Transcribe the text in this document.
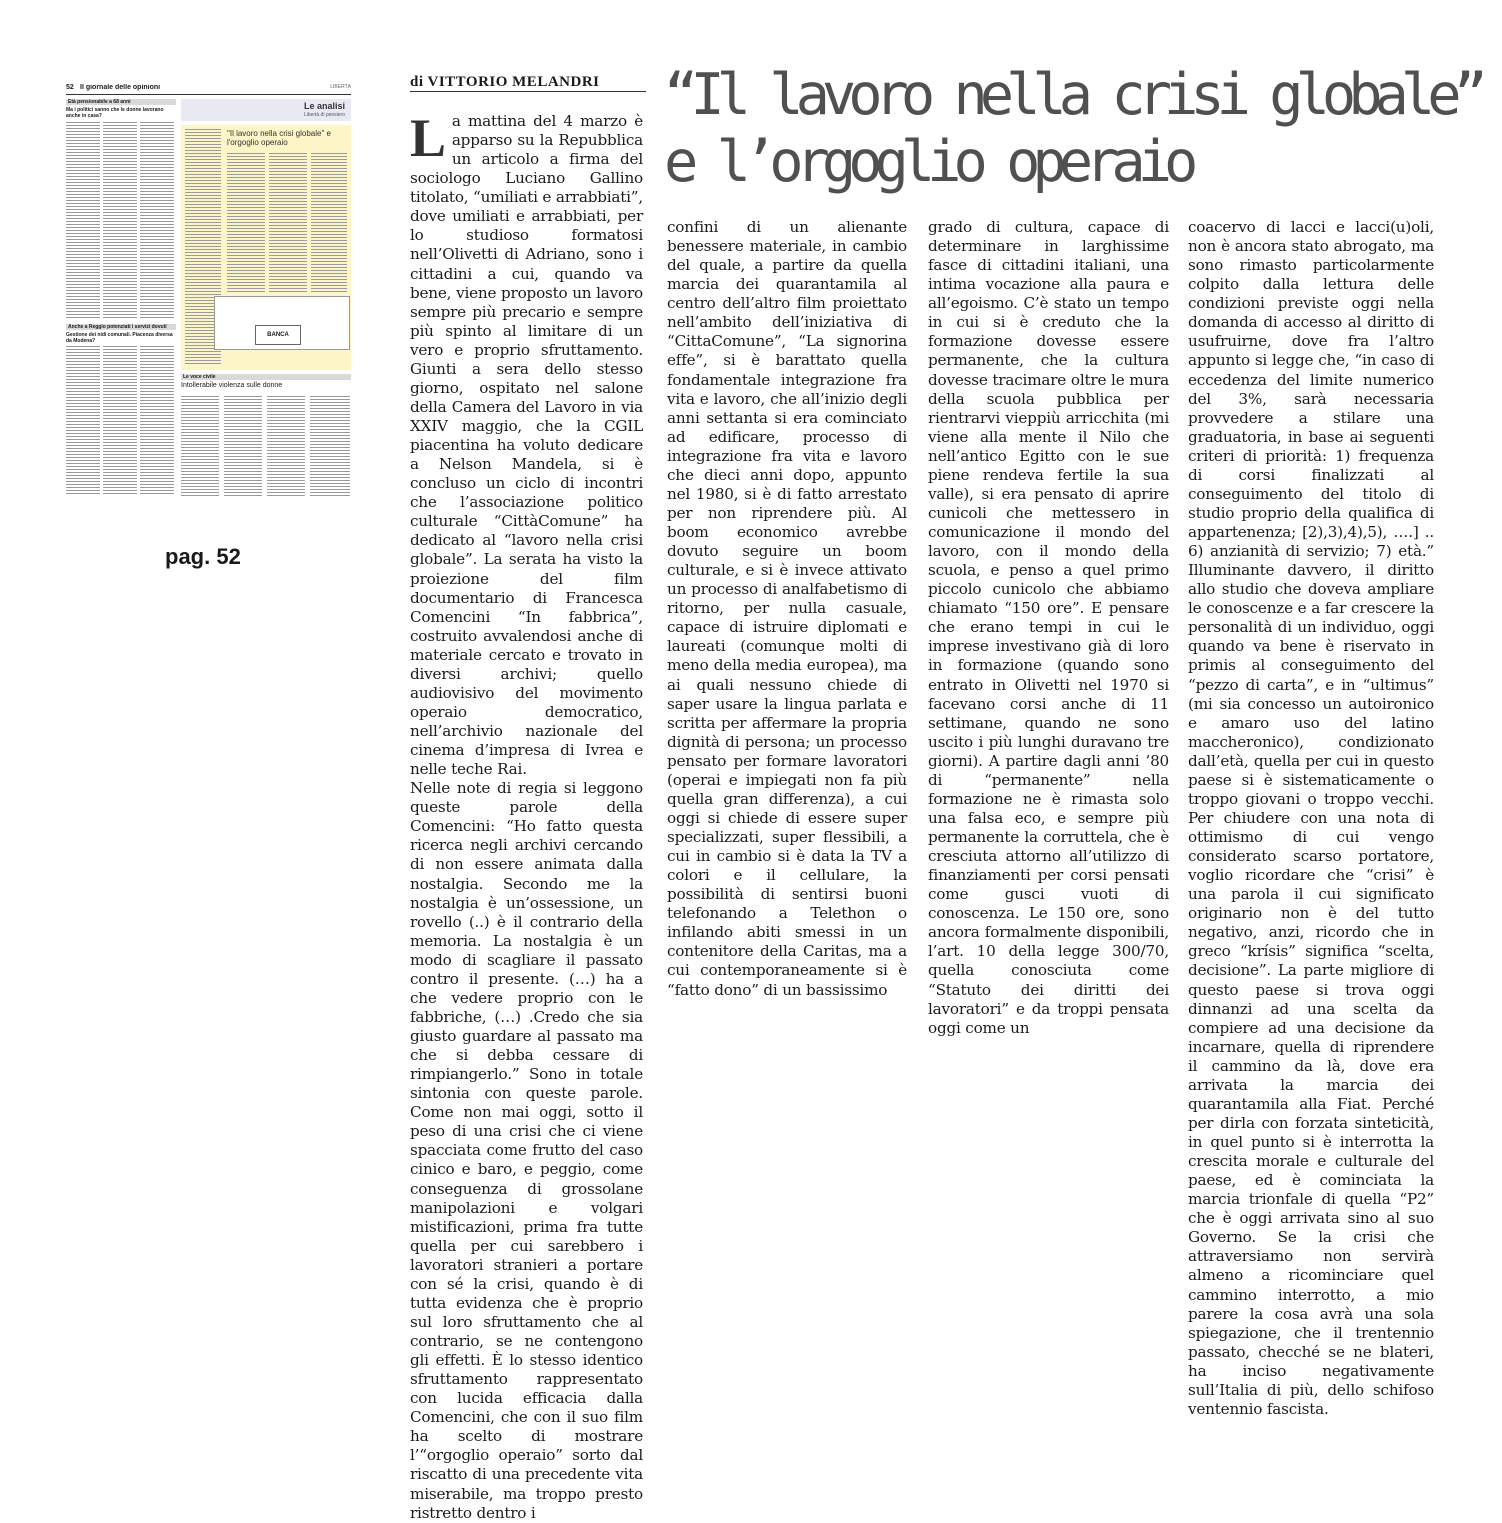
52 Il giornale delle opinioni	LIBERTÀ
Età pensionabile a 68 anni
Ma i politici sanno che le donne lavorano anche in casa?
Anche a Reggio potenziati i servizi dovuti
Gestione dei nidi comunali. Piacenza diversa da Modena?
Le analisi
Libertà di pensiero
"Il lavoro nella crisi globale" e l'orgoglio operaio
BANCA
Le voce civile
Intollerabile violenza sulle donne
pag. 52
di VITTORIO MELANDRI “Il lavoro nella crisi globale” e l’orgoglio operaio
L a mattina del 4 marzo è apparso su la Repubblica un articolo a firma del sociologo Luciano Gallino titolato, “umiliati e arrabbiati”, dove umiliati e arrabbiati, per lo studioso formatosi nell’Olivetti di Adriano, sono i cittadini a cui, quando va bene, viene proposto un lavoro sempre più precario e sempre più spinto al limitare di un vero e proprio sfruttamento. Giunti a sera dello stesso giorno, ospitato nel salone della Camera del Lavoro in via XXIV maggio, che la CGIL piacentina ha voluto dedicare a Nelson Mandela, si è concluso un ciclo di incontri che l’associazione politico culturale “CittàComune” ha dedicato al “lavoro nella crisi globale”. La serata ha visto la proiezione del film documentario di Francesca Comencini “In fabbrica”, costruito avvalendosi anche di materiale cercato e trovato in diversi archivi; quello audiovisivo del movimento operaio democratico, nell’archivio nazionale del cinema d’impresa di Ivrea e nelle teche Rai.

Nelle note di regia si leggono queste parole della Comencini: “Ho fatto questa ricerca negli archivi cercando di non essere animata dalla nostalgia. Secondo me la nostalgia è un’ossessione, un rovello (..) è il contrario della memoria. La nostalgia è un modo di scagliare il passato contro il presente. (…) ha a che vedere proprio con le fabbriche, (…) .Credo che sia giusto guardare al passato ma che si debba cessare di rimpiangerlo.” Sono in totale sintonia con queste parole. Come non mai oggi, sotto il peso di una crisi che ci viene spacciata come frutto del caso cinico e baro, e peggio, come conseguenza di grossolane manipolazioni e volgari mistificazioni, prima fra tutte quella per cui sarebbero i lavoratori stranieri a portare con sé la crisi, quando è di tutta evidenza che è proprio sul loro sfruttamento che al contrario, se ne contengono gli effetti. È lo stesso identico sfruttamento rappresentato con lucida efficacia dalla Comencini, che con il suo film ha scelto di mostrare l’“orgoglio operaio” sorto dal riscatto di una precedente vita miserabile, ma troppo presto ristretto dentro i

confini di un alienante benessere materiale, in cambio del quale, a partire da quella marcia dei quarantamila al centro dell’altro film proiettato nell’ambito dell’iniziativa di “CittaComune”, “La signorina effe”, si è barattato quella fondamentale integrazione fra vita e lavoro, che all’inizio degli anni settanta si era cominciato ad edificare, processo di integrazione fra vita e lavoro che dieci anni dopo, appunto nel 1980, si è di fatto arrestato per non riprendere più. Al boom economico avrebbe dovuto seguire un boom culturale, e si è invece attivato un processo di analfabetismo di ritorno, per nulla casuale, capace di istruire diplomati e laureati (comunque molti di meno della media europea), ma ai quali nessuno chiede di saper usare la lingua parlata e scritta per affermare la propria dignità di persona; un processo pensato per formare lavoratori (operai e impiegati non fa più quella gran differenza), a cui oggi si chiede di essere super specializzati, super flessibili, a cui in cambio si è data la TV a colori e il cellulare, la possibilità di sentirsi buoni telefonando a Telethon o infilando abiti smessi in un contenitore della Caritas, ma a cui contemporaneamente si è “fatto dono” di un bassissimo

grado di cultura, capace di determinare in larghissime fasce di cittadini italiani, una intima vocazione alla paura e all’egoismo. C’è stato un tempo in cui si è creduto che la formazione dovesse essere permanente, che la cultura dovesse tracimare oltre le mura della scuola pubblica per rientrarvi vieppiù arricchita (mi viene alla mente il Nilo che nell’antico Egitto con le sue piene rendeva fertile la sua valle), si era pensato di aprire cunicoli che mettessero in comunicazione il mondo del lavoro, con il mondo della scuola, e penso a quel primo piccolo cunicolo che abbiamo chiamato “150 ore”. E pensare che erano tempi in cui le imprese investivano già di loro in formazione (quando sono entrato in Olivetti nel 1970 si facevano corsi anche di 11 settimane, quando ne sono uscito i più lunghi duravano tre giorni). A partire dagli anni ’80 di “permanente” nella formazione ne è rimasta solo una falsa eco, e sempre più permanente la corruttela, che è cresciuta attorno all’utilizzo di finanziamenti per corsi pensati come gusci vuoti di conoscenza. Le 150 ore, sono ancora formalmente disponibili, l’art. 10 della legge 300/70, quella conosciuta come “Statuto dei diritti dei lavoratori” e da troppi pensata oggi come un

coacervo di lacci e lacci(u)oli, non è ancora stato abrogato, ma sono rimasto particolarmente colpito dalla lettura delle condizioni previste oggi nella domanda di accesso al diritto di usufruirne, dove fra l’altro appunto si legge che, “in caso di eccedenza del limite numerico del 3%, sarà necessaria provvedere a stilare una graduatoria, in base ai seguenti criteri di priorità: 1) frequenza di corsi finalizzati al conseguimento del titolo di studio proprio della qualifica di appartenenza; [2),3),4),5), ….] .. 6) anzianità di servizio; 7) età.” Illuminante davvero, il diritto allo studio che doveva ampliare le conoscenze e a far crescere la personalità di un individuo, oggi quando va bene è riservato in primis al conseguimento del “pezzo di carta”, e in “ultimus” (mi sia concesso un autoironico e amaro uso del latino maccheronico), condizionato dall’età, quella per cui in questo paese si è sistematicamente o troppo giovani o troppo vecchi. Per chiudere con una nota di ottimismo di cui vengo considerato scarso portatore, voglio ricordare che “crisi” è una parola il cui significato originario non è del tutto negativo, anzi, ricordo che in greco “krísis” significa “scelta, decisione”. La parte migliore di questo paese si trova oggi dinnanzi ad una scelta da compiere ad una decisione da incarnare, quella di riprendere il cammino da là, dove era arrivata la marcia dei quarantamila alla Fiat. Perché per dirla con forzata sinteticità, in quel punto si è interrotta la crescita morale e culturale del paese, ed è cominciata la marcia trionfale di quella “P2” che è oggi arrivata sino al suo Governo. Se la crisi che attraversiamo non servirà almeno a ricominciare quel cammino interrotto, a mio parere la cosa avrà una sola spiegazione, che il trentennio passato, checché se ne blateri, ha inciso negativamente sull’Italia di più, dello schifoso ventennio fascista.
